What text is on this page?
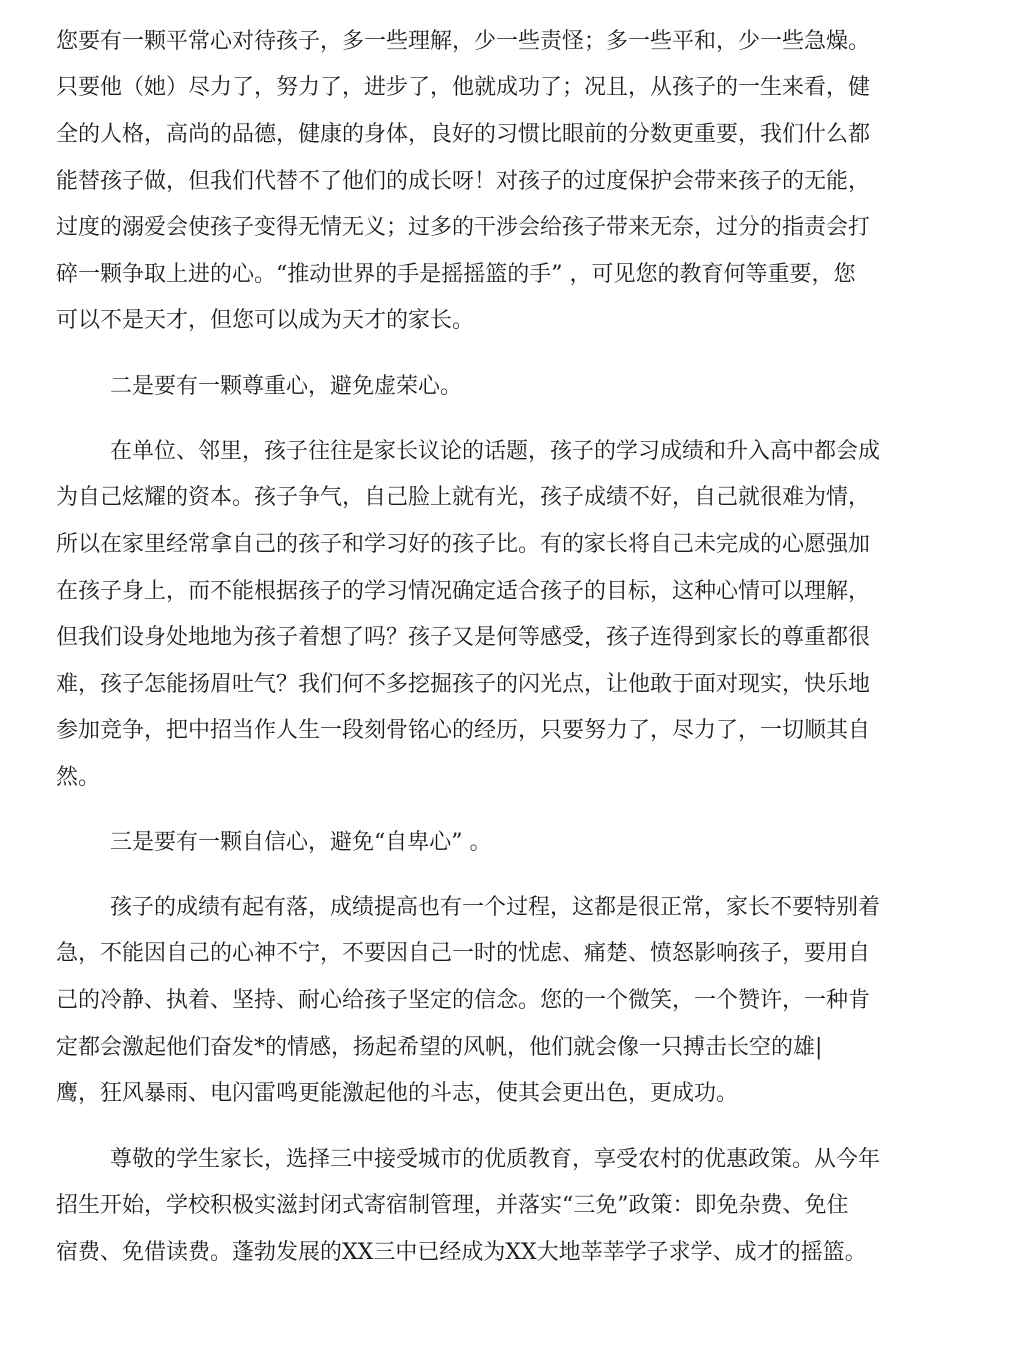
您要有一颗平常心对待孩子，多一些理解，少一些责怪；多一些平和，少一些急燥。
只要他（她）尽力了，努力了，进步了，他就成功了；况且，从孩子的一生来看，健
全的人格，高尚的品德，健康的身体，良好的习惯比眼前的分数更重要，我们什么都
能替孩子做，但我们代替不了他们的成长呀！对孩子的过度保护会带来孩子的无能，
过度的溺爱会使孩子变得无情无义；过多的干涉会给孩子带来无奈，过分的指责会打
碎一颗争取上进的心。“推动世界的手是摇摇篮的手” ，可见您的教育何等重要，您
可以不是天才，但您可以成为天才的家长。
二是要有一颗尊重心，避免虚荣心。
在单位、邻里，孩子往往是家长议论的话题，孩子的学习成绩和升入高中都会成
为自己炫耀的资本。孩子争气，自己脸上就有光，孩子成绩不好，自己就很难为情，
所以在家里经常拿自己的孩子和学习好的孩子比。有的家长将自己未完成的心愿强加
在孩子身上，而不能根据孩子的学习情况确定适合孩子的目标，这种心情可以理解，
但我们设身处地地为孩子着想了吗？孩子又是何等感受，孩子连得到家长的尊重都很
难，孩子怎能扬眉吐气？我们何不多挖掘孩子的闪光点，让他敢于面对现实，快乐地
参加竞争，把中招当作人生一段刻骨铭心的经历，只要努力了，尽力了，一切顺其自
然。
三是要有一颗自信心，避免“自卑心” 。
孩子的成绩有起有落，成绩提高也有一个过程，这都是很正常，家长不要特别着
急，不能因自己的心神不宁，不要因自己一时的忧虑、痛楚、愤怒影响孩子，要用自
己的冷静、执着、坚持、耐心给孩子坚定的信念。您的一个微笑，一个赞许，一种肯
定都会激起他们奋发*的情感，扬起希望的风帆，他们就会像一只搏击长空的雄|
鹰，狂风暴雨、电闪雷鸣更能激起他的斗志，使其会更出色，更成功。
尊敬的学生家长，选择三中接受城市的优质教育，享受农村的优惠政策。从今年
招生开始，学校积极实滋封闭式寄宿制管理，并落实“三免”政策：即免杂费、免住
宿费、免借读费。蓬勃发展的XX三中已经成为XX大地莘莘学子求学、成才的摇篮。
